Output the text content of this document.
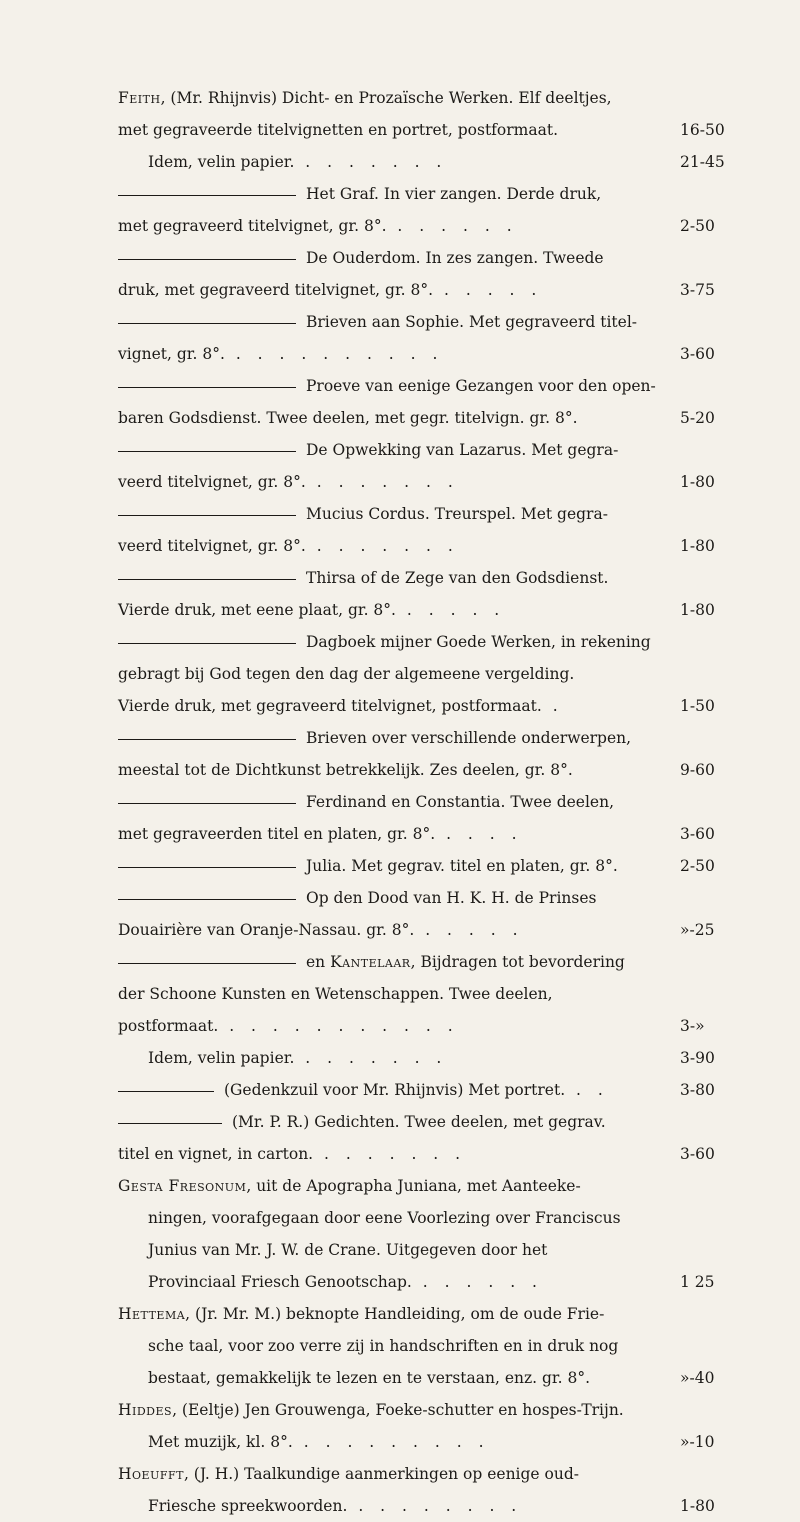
Feith, (Mr. Rhijnvis) Dicht- en Prozaïsche Werken. Elf deeltjes,
met gegraveerde titelvignetten en portret, postformaat.	16-50
Idem, velin papier. . . . . . . .	21-45
Het Graf. In vier zangen. Derde druk,
met gegraveerd titelvignet, gr. 8°. . . . . . .	2-50
De Ouderdom. In zes zangen. Tweede
druk, met gegraveerd titelvignet, gr. 8°. . . . . .	3-75
Brieven aan Sophie. Met gegraveerd titel-
vignet, gr. 8°. . . . . . . . . . .	3-60
Proeve van eenige Gezangen voor den open-
baren Godsdienst. Twee deelen, met gegr. titelvign. gr. 8°.	5-20
De Opwekking van Lazarus. Met gegra-
veerd titelvignet, gr. 8°. . . . . . . .	1-80
Mucius Cordus. Treurspel. Met gegra-
veerd titelvignet, gr. 8°. . . . . . . .	1-80
Thirsa of de Zege van den Godsdienst.
Vierde druk, met eene plaat, gr. 8°. . . . . .	1-80
Dagboek mijner Goede Werken, in rekening
gebragt bij God tegen den dag der algemeene vergelding.
Vierde druk, met gegraveerd titelvignet, postformaat. .	1-50
Brieven over verschillende onderwerpen,
meestal tot de Dichtkunst betrekkelijk. Zes deelen, gr. 8°.	9-60
Ferdinand en Constantia. Twee deelen,
met gegraveerden titel en platen, gr. 8°. . . . .	3-60
Julia. Met gegrav. titel en platen, gr. 8°.	2-50
Op den Dood van H. K. H. de Prinses
Douairière van Oranje-Nassau. gr. 8°. . . . . .	»-25
en Kantelaar, Bijdragen tot bevordering
der Schoone Kunsten en Wetenschappen. Twee deelen,
postformaat. . . . . . . . . . . .	3-»
Idem, velin papier. . . . . . . .	3-90
(Gedenkzuil voor Mr. Rhijnvis) Met portret. . .	3-80
(Mr. P. R.) Gedichten. Twee deelen, met gegrav.
titel en vignet, in carton. . . . . . . .	3-60
Gesta Fresonum, uit de Apographa Juniana, met Aanteeke-
ningen, voorafgegaan door eene Voorlezing over Franciscus
Junius van Mr. J. W. de Crane. Uitgegeven door het
Provinciaal Friesch Genootschap. . . . . . .	1 25
Hettema, (Jr. Mr. M.) beknopte Handleiding, om de oude Frie-
sche taal, voor zoo verre zij in handschriften en in druk nog
bestaat, gemakkelijk te lezen en te verstaan, enz. gr. 8°.	»-40
Hiddes, (Eeltje) Jen Grouwenga, Foeke-schutter en hospes-Trijn.
Met muzijk, kl. 8°. . . . . . . . . .	»-10
Hoeufft, (J. H.) Taalkundige aanmerkingen op eenige oud-
Friesche spreekwoorden. . . . . . . . .	1-80
